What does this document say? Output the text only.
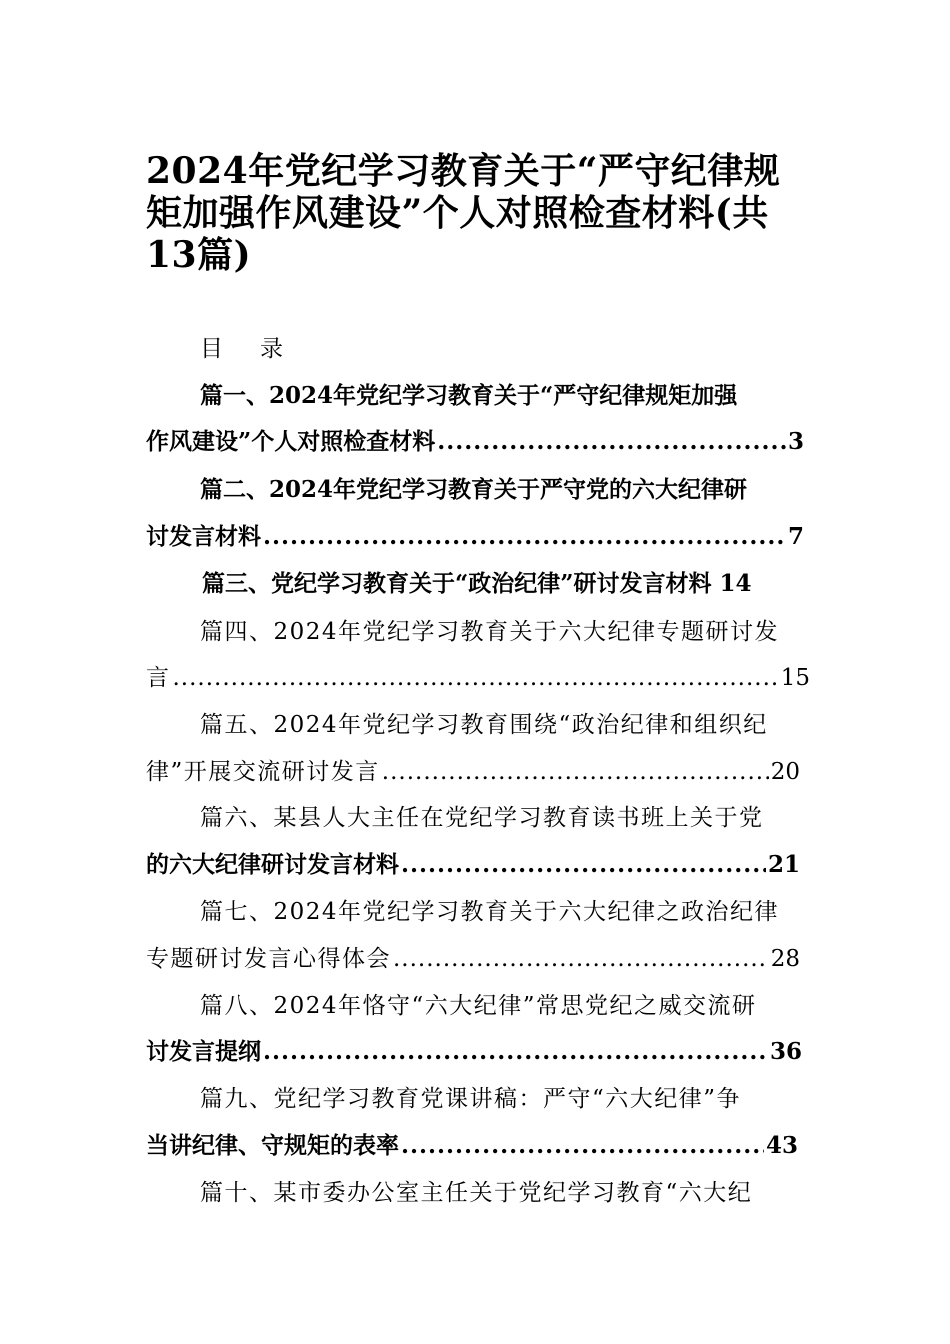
2024年党纪学习教育关于“严守纪律规矩加强作风建设”个人对照检查材料(共13篇)
目 录
篇一、2024年党纪学习教育关于“严守纪律规矩加强
作风建设”个人对照检查材料 .....	3
篇二、2024年党纪学习教育关于严守党的六大纪律研
讨发言材料 .....	7
篇三、党纪学习教育关于“政治纪律”研讨发言材料 14
篇四、2024年党纪学习教育关于六大纪律专题研讨发
言 .....	15
篇五、2024年党纪学习教育围绕“政治纪律和组织纪
律”开展交流研讨发言 .....	20
篇六、某县人大主任在党纪学习教育读书班上关于党
的六大纪律研讨发言材料 .....	21
篇七、2024年党纪学习教育关于六大纪律之政治纪律
专题研讨发言心得体会 .....	28
篇八、2024年恪守“六大纪律”常思党纪之威交流研
讨发言提纲 .....	36
篇九、党纪学习教育党课讲稿：严守“六大纪律”争
当讲纪律、守规矩的表率 .....	43
篇十、某市委办公室主任关于党纪学习教育“六大纪
